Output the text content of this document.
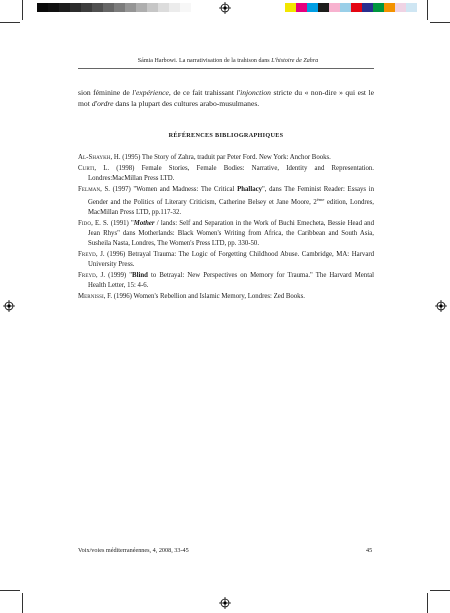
Sámia Harbowi. La narrativisation de la trahison dans L'histoire de Zahra

sion féminine de l'expérience, de ce fait trahissant l'injonction stricte du « non-dire » qui est le mot d'ordre dans la plupart des cultures arabo-musulmanes.

RÉFÉRENCES BIBLIOGRAPHIQUES

Al-Shaykh, H. (1995) The Story of Zahra, traduit par Peter Ford. New York: Anchor Books.

Curti, L. (1998) Female Stories, Female Bodies: Narrative, Identity and Representation. Londres:MacMillan Press LTD.

Felman, S. (1997) "Women and Madness: The Critical Phallacy", dans The Feminist Reader: Essays in Gender and the Politics of Literary Criticism, Catherine Belsey et Jane Moore, 2ème edition, Londres, MacMillan Press LTD, pp.117-32.

Fido, E. S. (1991) "Mother / lands: Self and Separation in the Work of Buchi Emecheta, Bessie Head and Jean Rhys" dans Motherlands: Black Women's Writing from Africa, the Caribbean and South Asia, Susheila Nasta, Londres, The Women's Press LTD, pp. 330-50.

Freyd, J. (1996) Betrayal Trauma: The Logic of Forgetting Childhood Abuse. Cambridge, MA: Harvard University Press.

Freyd, J. (1999) "Blind to Betrayal: New Perspectives on Memory for Trauma." The Harvard Mental Health Letter, 15: 4-6.

Mernissi, F. (1996) Women's Rebellion and Islamic Memory, Londres: Zed Books.

Voix/voies méditerranéennes, 4, 2008, 33-45	45
